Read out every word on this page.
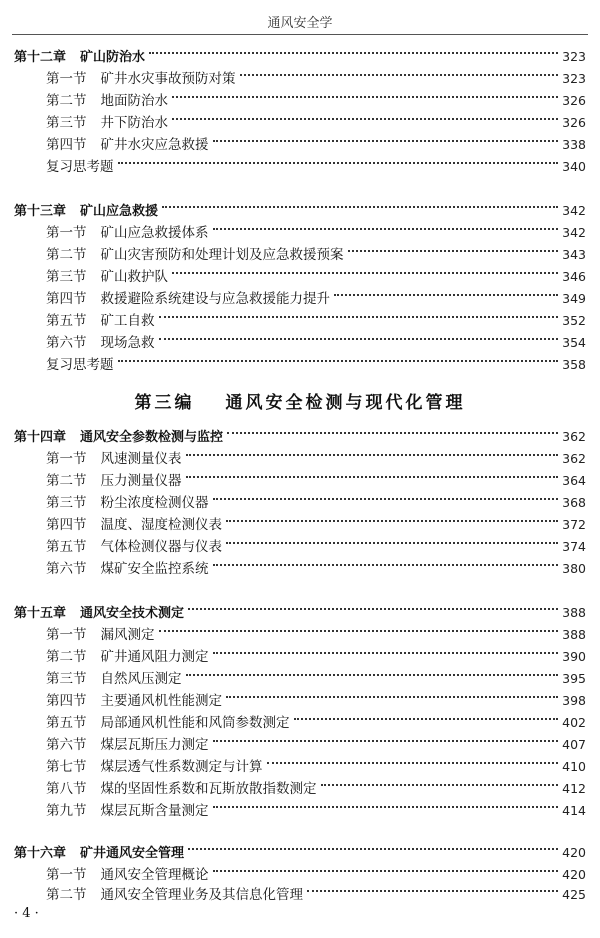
通风安全学
第十二章 矿山防治水	323
第一节 矿井水灾事故预防对策	323
第二节 地面防治水	326
第三节 井下防治水	326
第四节 矿井水灾应急救援	338
复习思考题	340
第十三章 矿山应急救援	342
第一节 矿山应急救援体系	342
第二节 矿山灾害预防和处理计划及应急救援预案	343
第三节 矿山救护队	346
第四节 救援避险系统建设与应急救援能力提升	349
第五节 矿工自救	352
第六节 现场急救	354
复习思考题	358
第三编 通风安全检测与现代化管理
第十四章 通风安全参数检测与监控	362
第一节 风速测量仪表	362
第二节 压力测量仪器	364
第三节 粉尘浓度检测仪器	368
第四节 温度、湿度检测仪表	372
第五节 气体检测仪器与仪表	374
第六节 煤矿安全监控系统	380
第十五章 通风安全技术测定	388
第一节 漏风测定	388
第二节 矿井通风阻力测定	390
第三节 自然风压测定	395
第四节 主要通风机性能测定	398
第五节 局部通风机性能和风筒参数测定	402
第六节 煤层瓦斯压力测定	407
第七节 煤层透气性系数测定与计算	410
第八节 煤的坚固性系数和瓦斯放散指数测定	412
第九节 煤层瓦斯含量测定	414
第十六章 矿井通风安全管理	420
第一节 通风安全管理概论	420
第二节 通风安全管理业务及其信息化管理	425
· 4 ·
